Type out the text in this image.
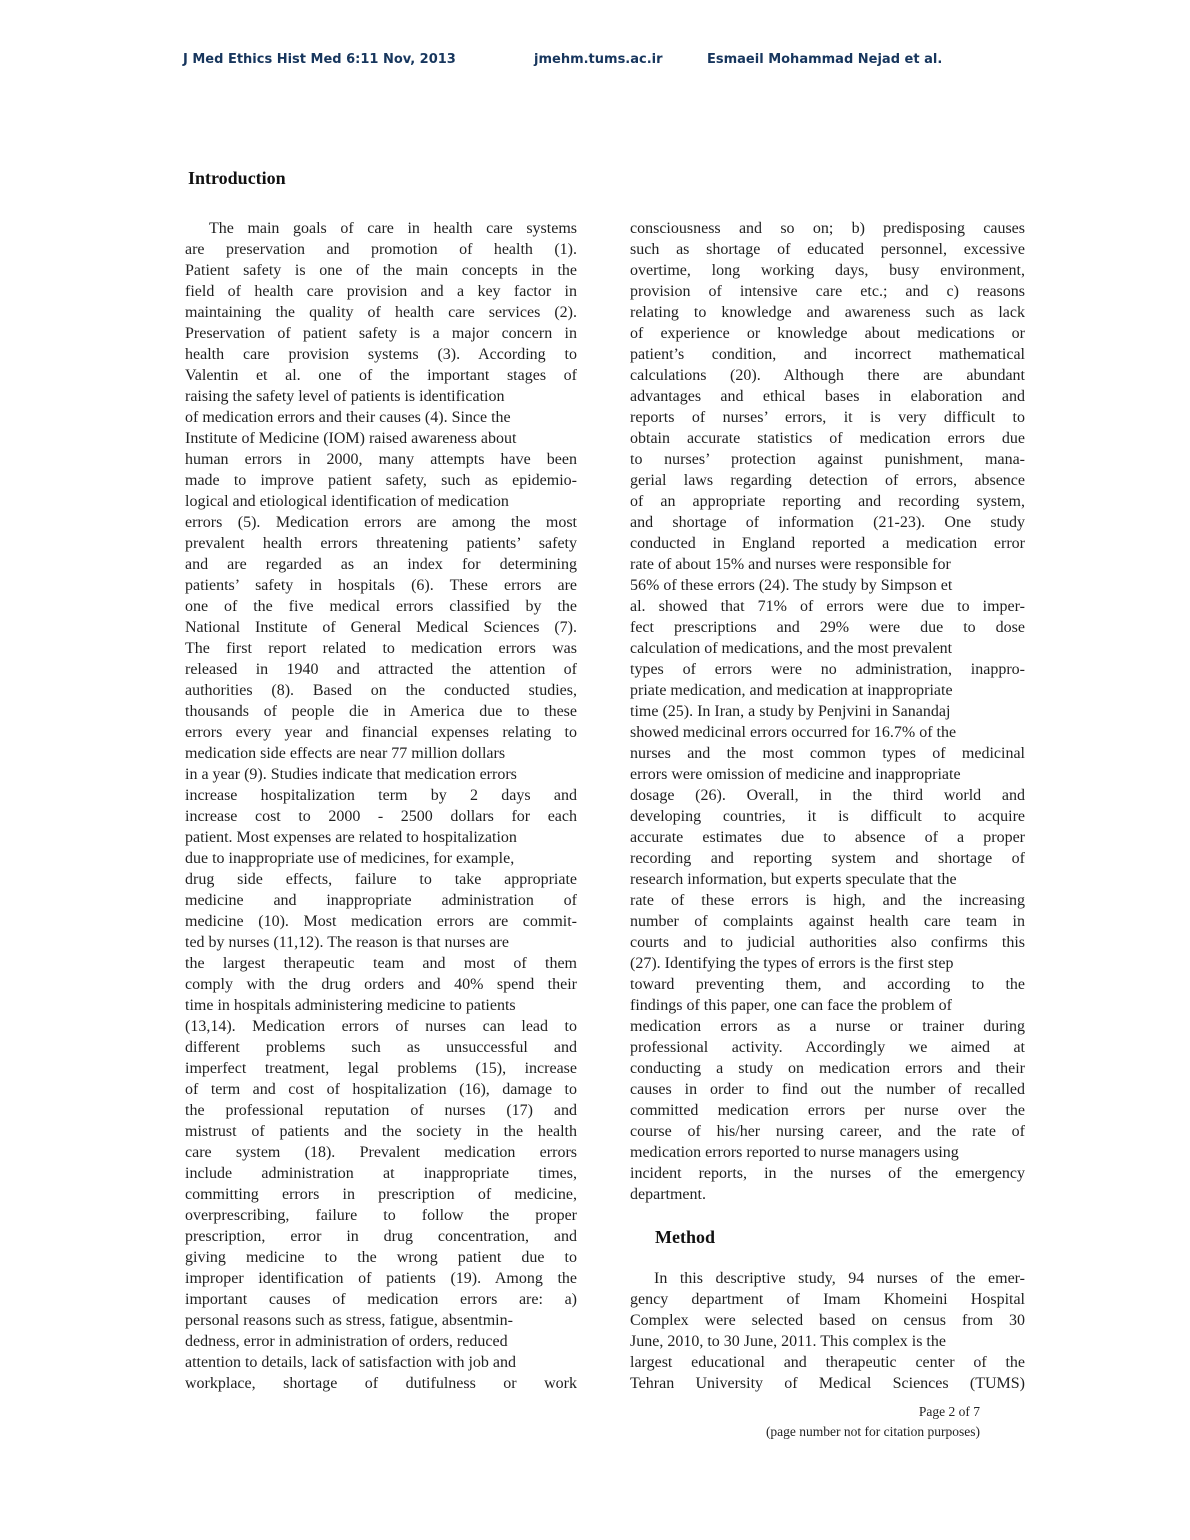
J Med Ethics Hist Med 6:11 Nov, 2013	jmehm.tums.ac.ir	Esmaeil Mohammad Nejad et al.
Introduction
The main goals of care in health care systems
are preservation and promotion of health (1).
Patient safety is one of the main concepts in the
field of health care provision and a key factor in
maintaining the quality of health care services (2).
Preservation of patient safety is a major concern in
health care provision systems (3). According to
Valentin et al. one of the important stages of
raising the safety level of patients is identification
of medication errors and their causes (4). Since the
Institute of Medicine (IOM) raised awareness about
human errors in 2000, many attempts have been
made to improve patient safety, such as epidemio-
logical and etiological identification of medication
errors (5). Medication errors are among the most
prevalent health errors threatening patients’ safety
and are regarded as an index for determining
patients’ safety in hospitals (6). These errors are
one of the five medical errors classified by the
National Institute of General Medical Sciences (7).
The first report related to medication errors was
released in 1940 and attracted the attention of
authorities (8). Based on the conducted studies,
thousands of people die in America due to these
errors every year and financial expenses relating to
medication side effects are near 77 million dollars
in a year (9). Studies indicate that medication errors
increase hospitalization term by 2 days and
increase cost to 2000 - 2500 dollars for each
patient. Most expenses are related to hospitalization
due to inappropriate use of medicines, for example,
drug side effects, failure to take appropriate
medicine and inappropriate administration of
medicine (10). Most medication errors are commit-
ted by nurses (11,12). The reason is that nurses are
the largest therapeutic team and most of them
comply with the drug orders and 40% spend their
time in hospitals administering medicine to patients
(13,14). Medication errors of nurses can lead to
different problems such as unsuccessful and
imperfect treatment, legal problems (15), increase
of term and cost of hospitalization (16), damage to
the professional reputation of nurses (17) and
mistrust of patients and the society in the health
care system (18). Prevalent medication errors
include administration at inappropriate times,
committing errors in prescription of medicine,
overprescribing, failure to follow the proper
prescription, error in drug concentration, and
giving medicine to the wrong patient due to
improper identification of patients (19). Among the
important causes of medication errors are: a)
personal reasons such as stress, fatigue, absentmin-
dedness, error in administration of orders, reduced
attention to details, lack of satisfaction with job and
workplace, shortage of dutifulness or work
consciousness and so on; b) predisposing causes
such as shortage of educated personnel, excessive
overtime, long working days, busy environment,
provision of intensive care etc.; and c) reasons
relating to knowledge and awareness such as lack
of experience or knowledge about medications or
patient’s condition, and incorrect mathematical
calculations (20). Although there are abundant
advantages and ethical bases in elaboration and
reports of nurses’ errors, it is very difficult to
obtain accurate statistics of medication errors due
to nurses’ protection against punishment, mana-
gerial laws regarding detection of errors, absence
of an appropriate reporting and recording system,
and shortage of information (21-23). One study
conducted in England reported a medication error
rate of about 15% and nurses were responsible for
56% of these errors (24). The study by Simpson et
al. showed that 71% of errors were due to imper-
fect prescriptions and 29% were due to dose
calculation of medications, and the most prevalent
types of errors were no administration, inappro-
priate medication, and medication at inappropriate
time (25). In Iran, a study by Penjvini in Sanandaj
showed medicinal errors occurred for 16.7% of the
nurses and the most common types of medicinal
errors were omission of medicine and inappropriate
dosage (26). Overall, in the third world and
developing countries, it is difficult to acquire
accurate estimates due to absence of a proper
recording and reporting system and shortage of
research information, but experts speculate that the
rate of these errors is high, and the increasing
number of complaints against health care team in
courts and to judicial authorities also confirms this
(27). Identifying the types of errors is the first step
toward preventing them, and according to the
findings of this paper, one can face the problem of
medication errors as a nurse or trainer during
professional activity. Accordingly we aimed at
conducting a study on medication errors and their
causes in order to find out the number of recalled
committed medication errors per nurse over the
course of his/her nursing career, and the rate of
medication errors reported to nurse managers using
incident reports, in the nurses of the emergency
department.
Method
In this descriptive study, 94 nurses of the emer-
gency department of Imam Khomeini Hospital
Complex were selected based on census from 30
June, 2010, to 30 June, 2011. This complex is the
largest educational and therapeutic center of the
Tehran University of Medical Sciences (TUMS)
Page 2 of 7
(page number not for citation purposes)
